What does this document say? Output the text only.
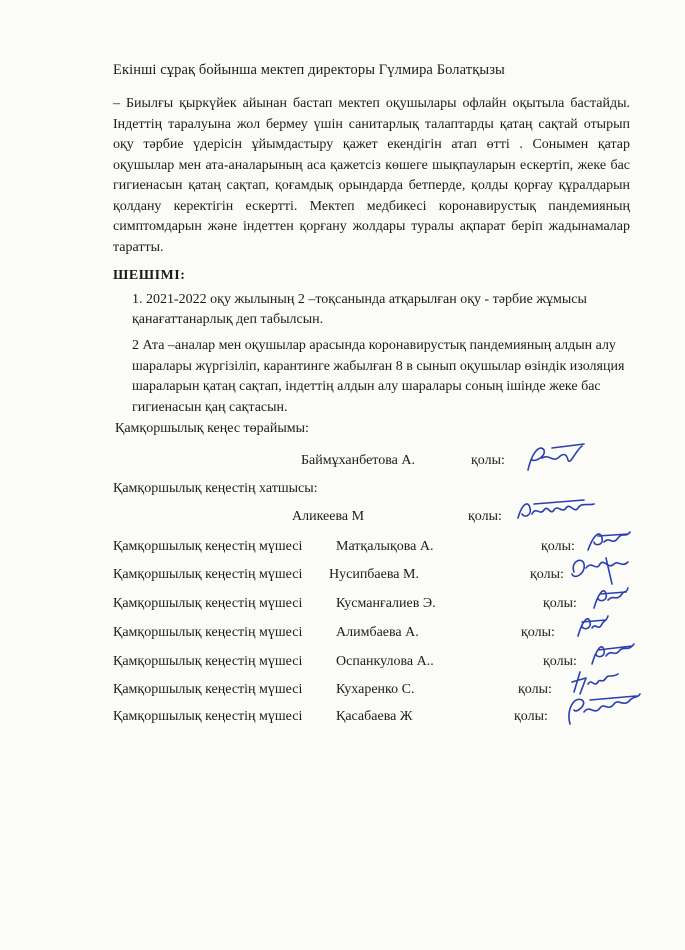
Екінші сұрақ бойынша мектеп директоры Гүлмира Болатқызы
– Биылғы қыркүйек айынан бастап мектеп оқушылары офлайн оқытыла бастайды. Індеттің таралуына жол бермеу үшін санитарлық талаптарды қатаң сақтай отырып оқу тәрбие үдерісін ұйымдастыру қажет екендігін атап өтті . Сонымен қатар оқушылар мен ата-аналарының аса қажетсіз көшеге шықпауларын ескертіп, жеке бас гигиенасын қатаң сақтап, қоғамдық орындарда бетперде, қолды қорғау құралдарын қолдану керектігін ескертті. Мектеп медбикесі коронавирустық пандемияның симптомдарын және індеттен қорғану жолдары туралы ақпарат беріп жадынамалар таратты.
ШЕШІМІ:
1. 2021-2022 оқу жылының 2 –тоқсанында атқарылған оқу - тәрбие жұмысы қанағаттанарлық деп табылсын.
2 Ата –аналар мен оқушылар арасында коронавирустық пандемияның алдын алу шаралары жүргізіліп, карантинге жабылған 8 в сынып оқушылар өзіндік изоляция шараларын қатаң сақтап, індеттің алдын алу шаралары соның ішінде жеке бас гигиенасын қаң сақтасын.
Қамқоршылық кеңес төрайымы:
Баймұханбетова А.	қолы:
Қамқоршылық кеңестің хатшысы:
Аликеева М	қолы:
Қамқоршылық кеңестің мүшесі Матқалықова А.	қолы:
Қамқоршылық кеңестің мүшесі Нусипбаева М.	қолы:
Қамқоршылық кеңестің мүшесі Кусманғалиев Э.	қолы:
Қамқоршылық кеңестің мүшесі Алимбаева А.	қолы:
Қамқоршылық кеңестің мүшесі Оспанкулова А..	қолы:
Қамқоршылық кеңестің мүшесі Кухаренко С.	қолы:
Қамқоршылық кеңестің мүшесі Қасабаева Ж	қолы:
